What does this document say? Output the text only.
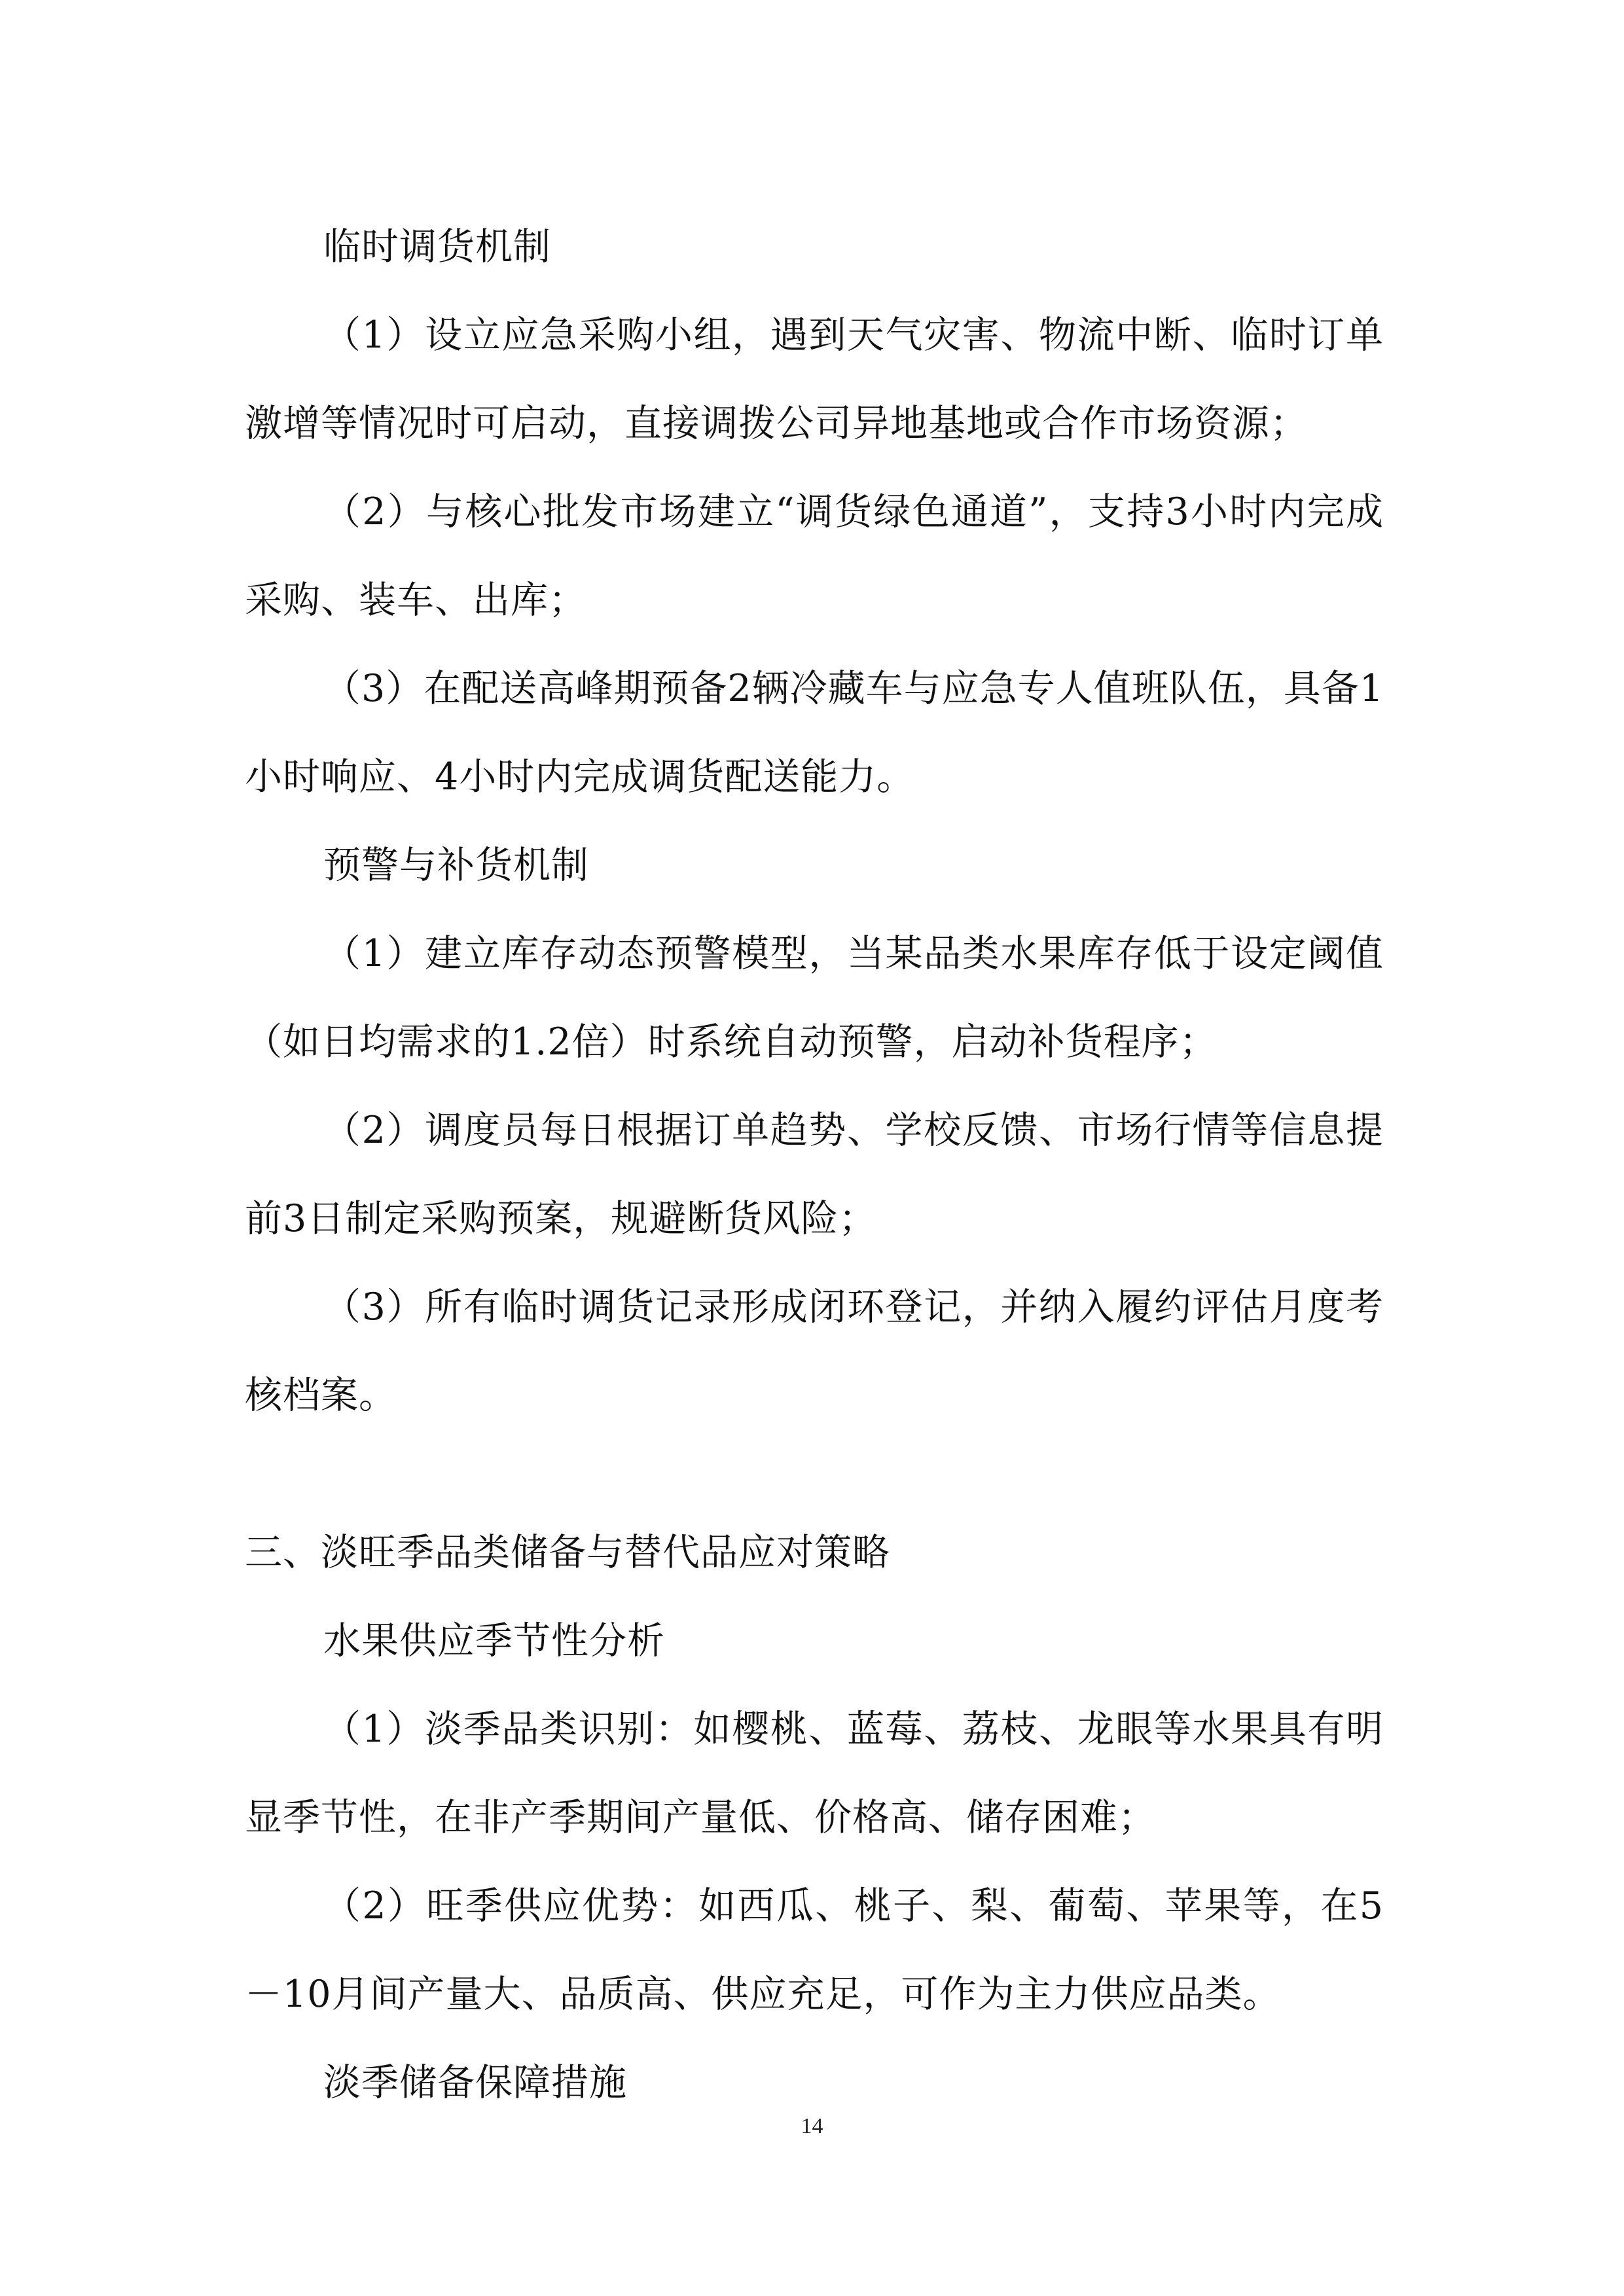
临时调货机制

（1）设立应急采购小组，遇到天气灾害、物流中断、临时订单激增等情况时可启动，直接调拨公司异地基地或合作市场资源；

（2）与核心批发市场建立“调货绿色通道”，支持3小时内完成采购、装车、出库；

（3）在配送高峰期预备2辆冷藏车与应急专人值班队伍，具备1小时响应、4小时内完成调货配送能力。

预警与补货机制

（1）建立库存动态预警模型，当某品类水果库存低于设定阈值（如日均需求的1.2倍）时系统自动预警，启动补货程序；

（2）调度员每日根据订单趋势、学校反馈、市场行情等信息提前3日制定采购预案，规避断货风险；

（3）所有临时调货记录形成闭环登记，并纳入履约评估月度考核档案。

三、淡旺季品类储备与替代品应对策略

水果供应季节性分析

（1）淡季品类识别：如樱桃、蓝莓、荔枝、龙眼等水果具有明显季节性，在非产季期间产量低、价格高、储存困难；

（2）旺季供应优势：如西瓜、桃子、梨、葡萄、苹果等，在5－10月间产量大、品质高、供应充足，可作为主力供应品类。

淡季储备保障措施

14
